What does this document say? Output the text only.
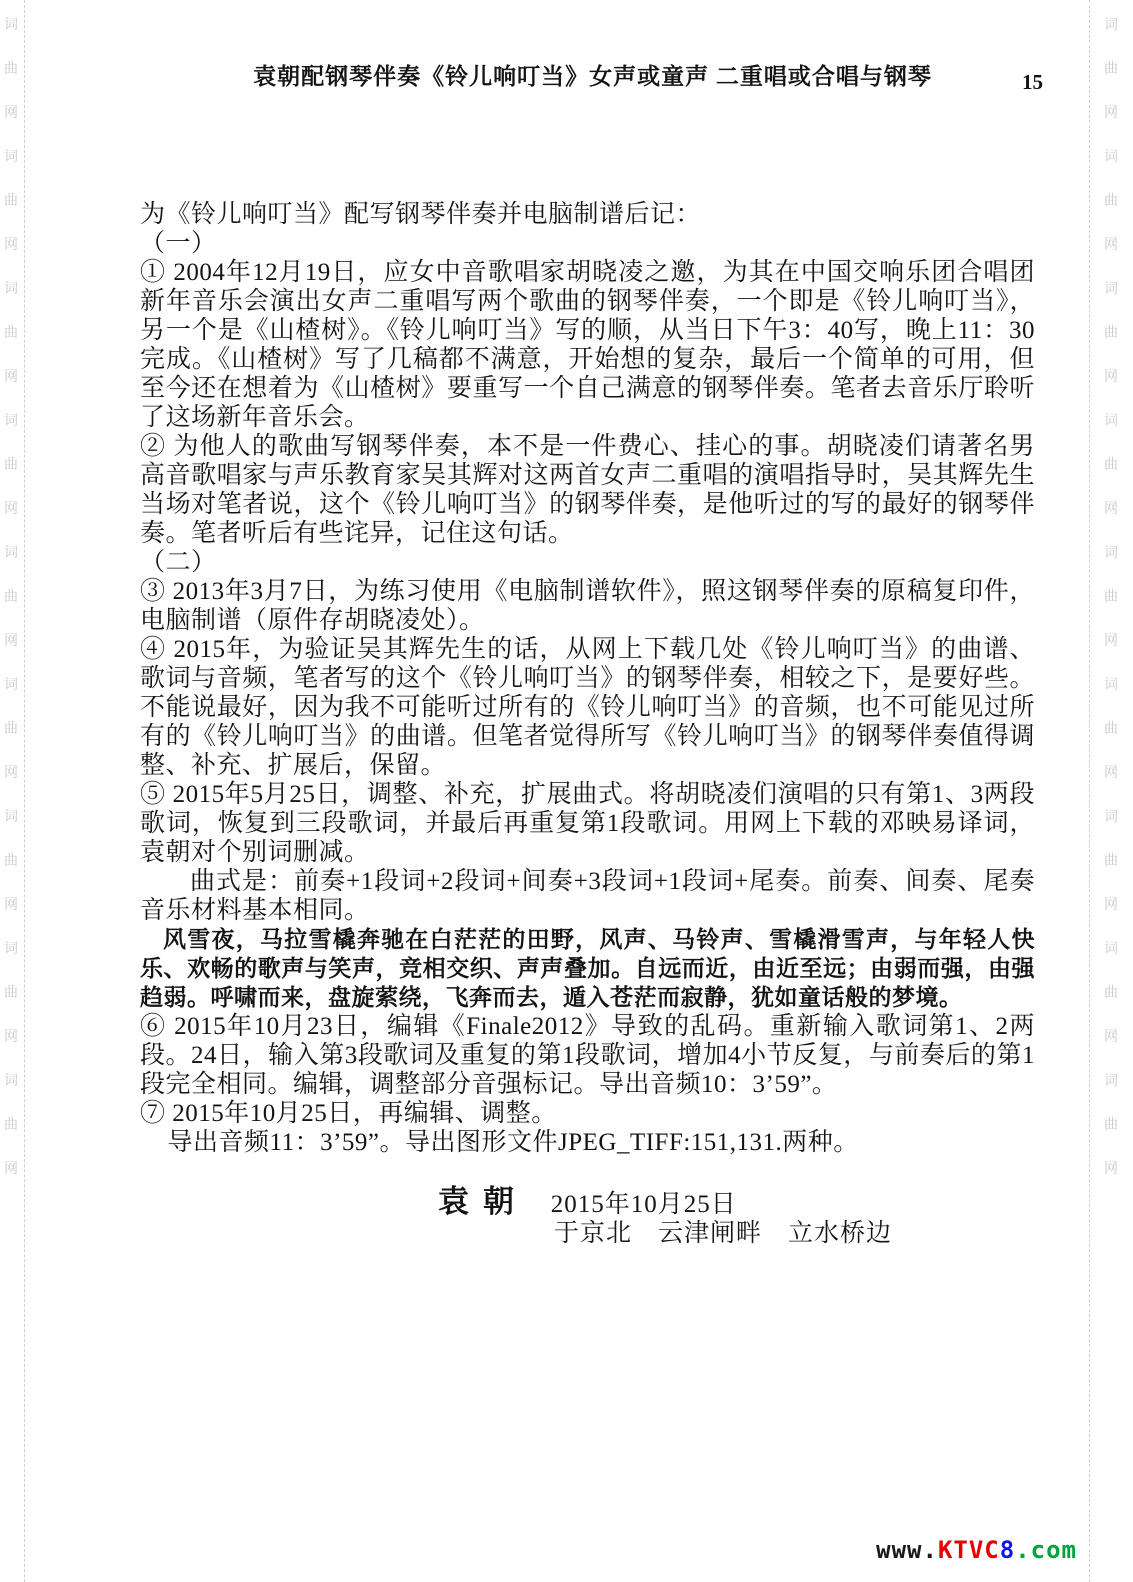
词曲网　词曲网　词曲网　词曲网　词曲网　词曲网　词曲网　词曲网　词曲网　
词曲网　词曲网　词曲网　词曲网　词曲网　词曲网　词曲网　词曲网　词曲网　
袁朝配钢琴伴奏《铃儿响叮当》女声或童声 二重唱或合唱与钢琴	15

为《铃儿响叮当》配写钢琴伴奏并电脑制谱后记：

（一）

① 2004年12月19日，应女中音歌唱家胡晓凌之邀，为其在中国交响乐团合唱团新年音乐会演出女声二重唱写两个歌曲的钢琴伴奏，一个即是《铃儿响叮当》，另一个是《山楂树》。《铃儿响叮当》写的顺，从当日下午3：40写，晚上11：30完成。《山楂树》写了几稿都不满意，开始想的复杂，最后一个简单的可用，但至今还在想着为《山楂树》要重写一个自己满意的钢琴伴奏。笔者去音乐厅聆听了这场新年音乐会。

② 为他人的歌曲写钢琴伴奏，本不是一件费心、挂心的事。胡晓凌们请著名男高音歌唱家与声乐教育家吴其辉对这两首女声二重唱的演唱指导时，吴其辉先生当场对笔者说，这个《铃儿响叮当》的钢琴伴奏，是他听过的写的最好的钢琴伴奏。笔者听后有些诧异，记住这句话。

（二）

③ 2013年3月7日，为练习使用《电脑制谱软件》，照这钢琴伴奏的原稿复印件，电脑制谱（原件存胡晓凌处）。

④ 2015年，为验证吴其辉先生的话，从网上下载几处《铃儿响叮当》的曲谱、歌词与音频，笔者写的这个《铃儿响叮当》的钢琴伴奏，相较之下，是要好些。不能说最好，因为我不可能听过所有的《铃儿响叮当》的音频，也不可能见过所有的《铃儿响叮当》的曲谱。但笔者觉得所写《铃儿响叮当》的钢琴伴奏值得调整、补充、扩展后，保留。

⑤ 2015年5月25日，调整、补充，扩展曲式。将胡晓凌们演唱的只有第1、3两段歌词，恢复到三段歌词，并最后再重复第1段歌词。用网上下载的邓映易译词，袁朝对个别词删减。

曲式是：前奏+1段词+2段词+间奏+3段词+1段词+尾奏。前奏、间奏、尾奏音乐材料基本相同。

风雪夜，马拉雪橇奔驰在白茫茫的田野，风声、马铃声、雪橇滑雪声，与年轻人快乐、欢畅的歌声与笑声，竞相交织、声声叠加。自远而近，由近至远；由弱而强，由强趋弱。呼啸而来，盘旋萦绕，飞奔而去，遁入苍茫而寂静，犹如童话般的梦境。

⑥ 2015年10月23日，编辑《Finale2012》导致的乱码。重新输入歌词第1、2两段。24日，输入第3段歌词及重复的第1段歌词，增加4小节反复，与前奏后的第1段完全相同。编辑，调整部分音强标记。导出音频10：3’59”。

⑦ 2015年10月25日，再编辑、调整。

导出音频11：3’59”。导出图形文件JPEG_TIFF:151,131.两种。

袁朝 2015年10月25日
于京北　云津闸畔　立水桥边
www.KTVC8.com
